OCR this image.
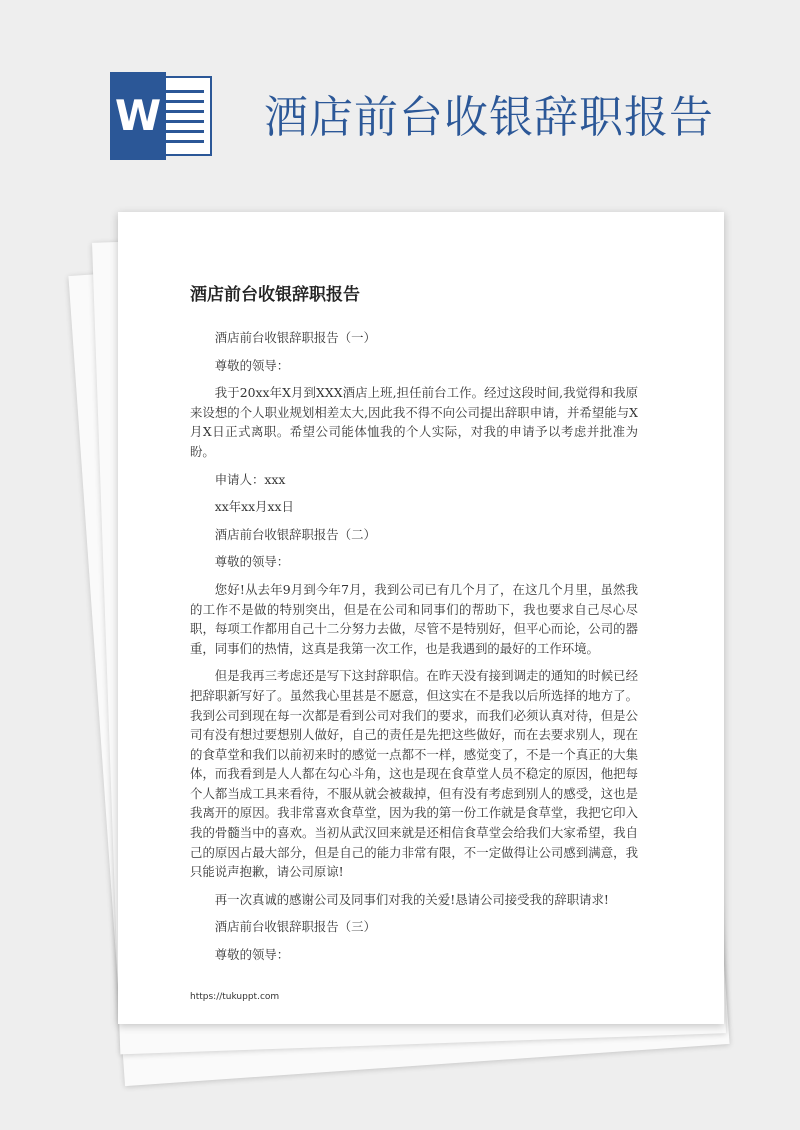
W 酒店前台收银辞职报告
酒店前台收银辞职报告

酒店前台收银辞职报告（一）

尊敬的领导：

我于20xx年X月到XXX酒店上班,担任前台工作。经过这段时间,我觉得和我原来设想的个人职业规划相差太大,因此我不得不向公司提出辞职申请，并希望能与X月X日正式离职。希望公司能体恤我的个人实际，对我的申请予以考虑并批准为盼。

申请人：xxx

xx年xx月xx日

酒店前台收银辞职报告（二）

尊敬的领导：

您好!从去年9月到今年7月，我到公司已有几个月了，在这几个月里，虽然我的工作不是做的特别突出，但是在公司和同事们的帮助下，我也要求自己尽心尽职，每项工作都用自己十二分努力去做，尽管不是特别好，但平心而论，公司的器重，同事们的热情，这真是我第一次工作，也是我遇到的最好的工作环境。

但是我再三考虑还是写下这封辞职信。在昨天没有接到调走的通知的时候已经把辞职新写好了。虽然我心里甚是不愿意，但这实在不是我以后所选择的地方了。我到公司到现在每一次都是看到公司对我们的要求，而我们必须认真对待，但是公司有没有想过要想别人做好，自己的责任是先把这些做好，而在去要求别人，现在的食草堂和我们以前初来时的感觉一点都不一样，感觉变了，不是一个真正的大集体，而我看到是人人都在勾心斗角，这也是现在食草堂人员不稳定的原因，他把每个人都当成工具来看待，不服从就会被裁掉，但有没有考虑到别人的感受，这也是我离开的原因。我非常喜欢食草堂，因为我的第一份工作就是食草堂，我把它印入我的骨髓当中的喜欢。当初从武汉回来就是还相信食草堂会给我们大家希望，我自己的原因占最大部分，但是自己的能力非常有限，不一定做得让公司感到满意，我只能说声抱歉，请公司原谅!

再一次真诚的感谢公司及同事们对我的关爱!恳请公司接受我的辞职请求!

酒店前台收银辞职报告（三）

尊敬的领导：

https://tukuppt.com
